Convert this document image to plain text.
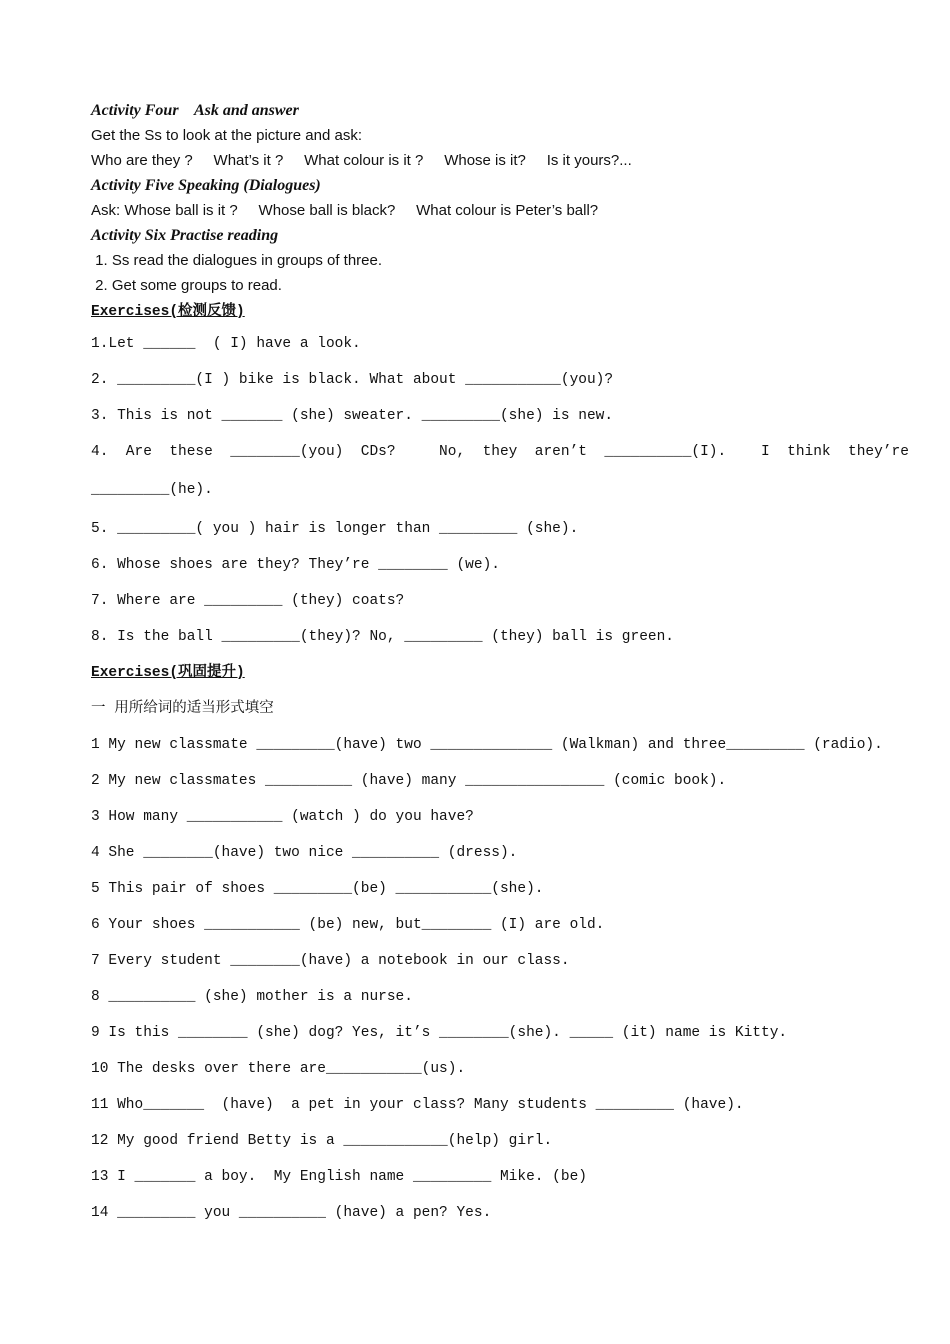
Activity Four    Ask and answer
Get the Ss to look at the picture and ask:
Who are they ?     What’s it ?     What colour is it ?     Whose is it?     Is it yours?...
Activity Five Speaking (Dialogues)
Ask: Whose ball is it ?     Whose ball is black?     What colour is Peter’s ball?
Activity Six Practise reading
1. Ss read the dialogues in groups of three.
2. Get some groups to read.
Exercises(检测反馈)
1.Let ______  ( I) have a look.
2. _________(I ) bike is black. What about ___________(you)?
3. This is not _______ (she) sweater. _________(she) is new.
4.  Are  these  ________(you)  CDs?     No,  they  aren’t  __________(I).    I  think  they’re
_________(he).
5. _________( you ) hair is longer than _________ (she).
6. Whose shoes are they? They’re ________ (we).
7. Where are _________ (they) coats?
8. Is the ball _________(they)? No, _________ (they) ball is green.
Exercises(巩固提升)
一 用所给词的适当形式填空
1 My new classmate _________(have) two ______________ (Walkman) and three_________ (radio).
2 My new classmates __________ (have) many ________________ (comic book).
3 How many ___________ (watch ) do you have?
4 She ________(have) two nice __________ (dress).
5 This pair of shoes _________(be) ___________(she).
6 Your shoes ___________ (be) new, but________ (I) are old.
7 Every student ________(have) a notebook in our class.
8 __________ (she) mother is a nurse.
9 Is this ________ (she) dog? Yes, it’s ________(she). _____ (it) name is Kitty.
10 The desks over there are___________(us).
11 Who_______  (have)  a pet in your class? Many students _________ (have).
12 My good friend Betty is a ____________(help) girl.
13 I _______ a boy.  My English name _________ Mike. (be)
14 _________ you __________ (have) a pen? Yes.
